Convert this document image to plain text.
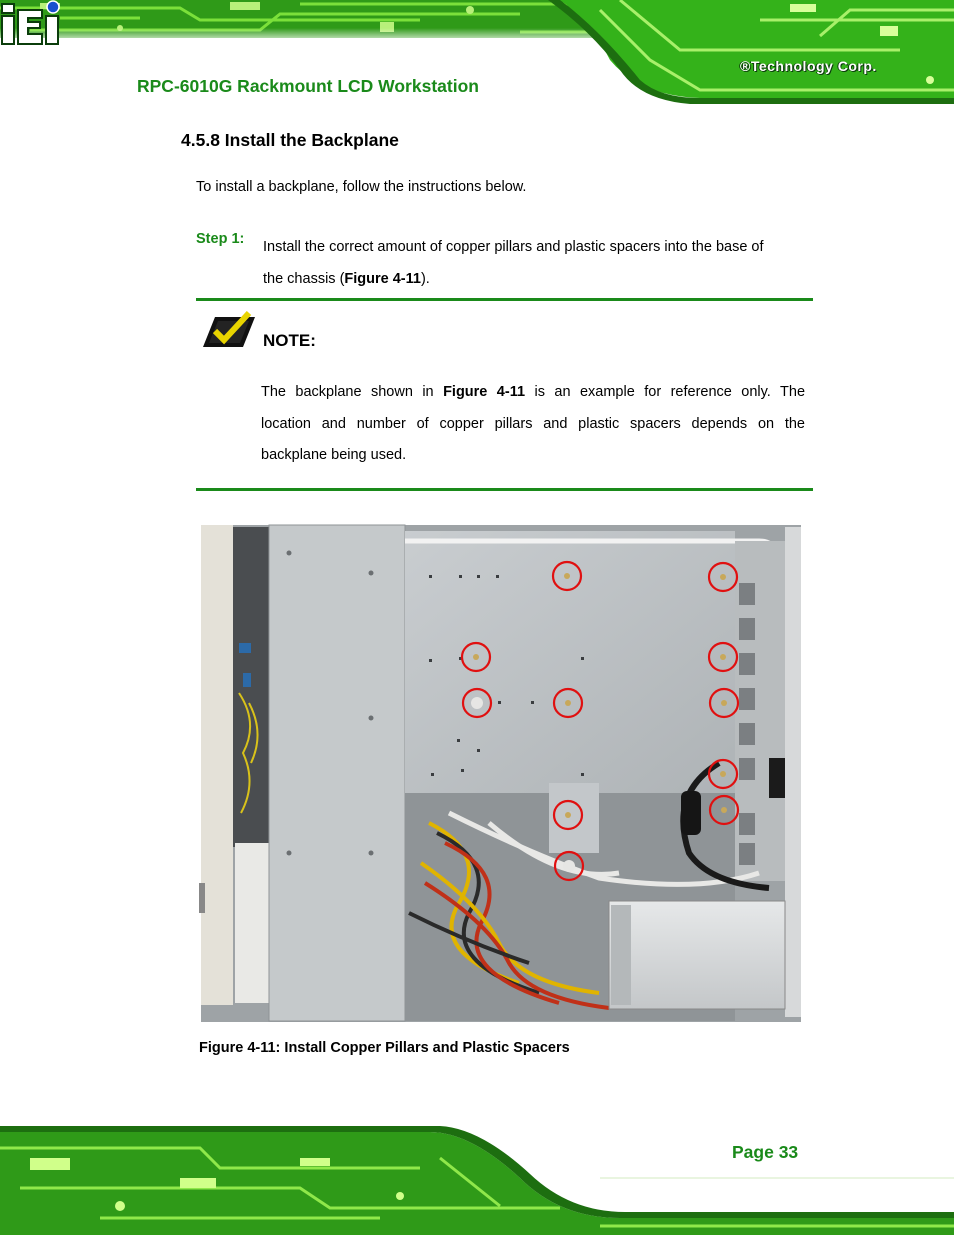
RPC-6010G Rackmount LCD Workstation
®Technology Corp.
4.5.8 Install the Backplane
To install a backplane, follow the instructions below.
Step 1: Install the correct amount of copper pillars and plastic spacers into the base of
the chassis (Figure 4-11).
NOTE:
The backplane shown in Figure 4-11 is an example for reference only. The
location and number of copper pillars and plastic spacers depends on the
backplane being used.
Figure 4-11: Install Copper Pillars and Plastic Spacers
Page 33
